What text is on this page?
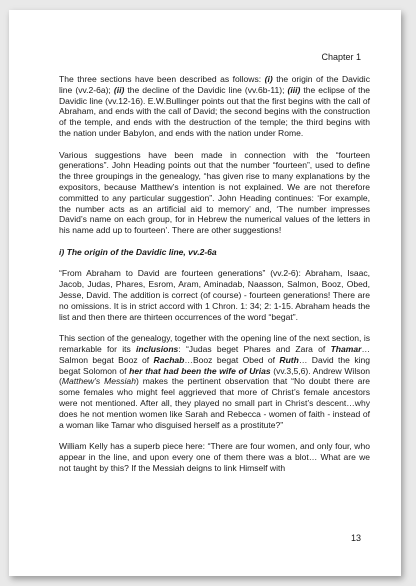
Chapter 1

The three sections have been described as follows: (i) the origin of the Davidic line (vv.2-6a); (ii) the decline of the Davidic line (vv.6b-11); (iii) the eclipse of the Davidic line (vv.12-16). E.W.Bullinger points out that the first begins with the call of Abraham, and ends with the call of David; the second begins with the construction of the temple, and ends with the destruction of the temple; the third begins with the nation under Babylon, and ends with the nation under Rome.

Various suggestions have been made in connection with the “fourteen generations”. John Heading points out that the number “fourteen”, used to define the three groupings in the genealogy, “has given rise to many explanations by the expositors, because Matthew’s intention is not explained. We are not therefore committed to any particular suggestion”. John Heading continues: ‘For example, the number acts as an artificial aid to memory’ and, ‘The number impresses David’s name on each group, for in Hebrew the numerical values of the letters in his name add up to fourteen’. There are other suggestions!

i) The origin of the Davidic line, vv.2-6a

“From Abraham to David are fourteen generations” (vv.2-6): Abraham, Isaac, Jacob, Judas, Phares, Esrom, Aram, Aminadab, Naasson, Salmon, Booz, Obed, Jesse, David. The addition is correct (of course) - fourteen generations! There are no omissions. It is in strict accord with 1 Chron. 1: 34; 2: 1-15. Abraham heads the list and then there are thirteen occurrences of the word “begat”.

This section of the genealogy, together with the opening line of the next section, is remarkable for its inclusions: “Judas beget Phares and Zara of Thamar…Salmon begat Booz of Rachab…Booz begat Obed of Ruth… David the king begat Solomon of her that had been the wife of Urias (vv.3,5,6). Andrew Wilson (Matthew’s Messiah) makes the pertinent observation that “No doubt there are some females who might feel aggrieved that more of Christ’s female ancestors were not mentioned. After all, they played no small part in Christ’s descent…why does he not mention women like Sarah and Rebecca - women of faith - instead of a woman like Tamar who disguised herself as a prostitute?”

William Kelly has a superb piece here: “There are four women, and only four, who appear in the line, and upon every one of them there was a blot… What are we not taught by this? If the Messiah deigns to link Himself with

13
